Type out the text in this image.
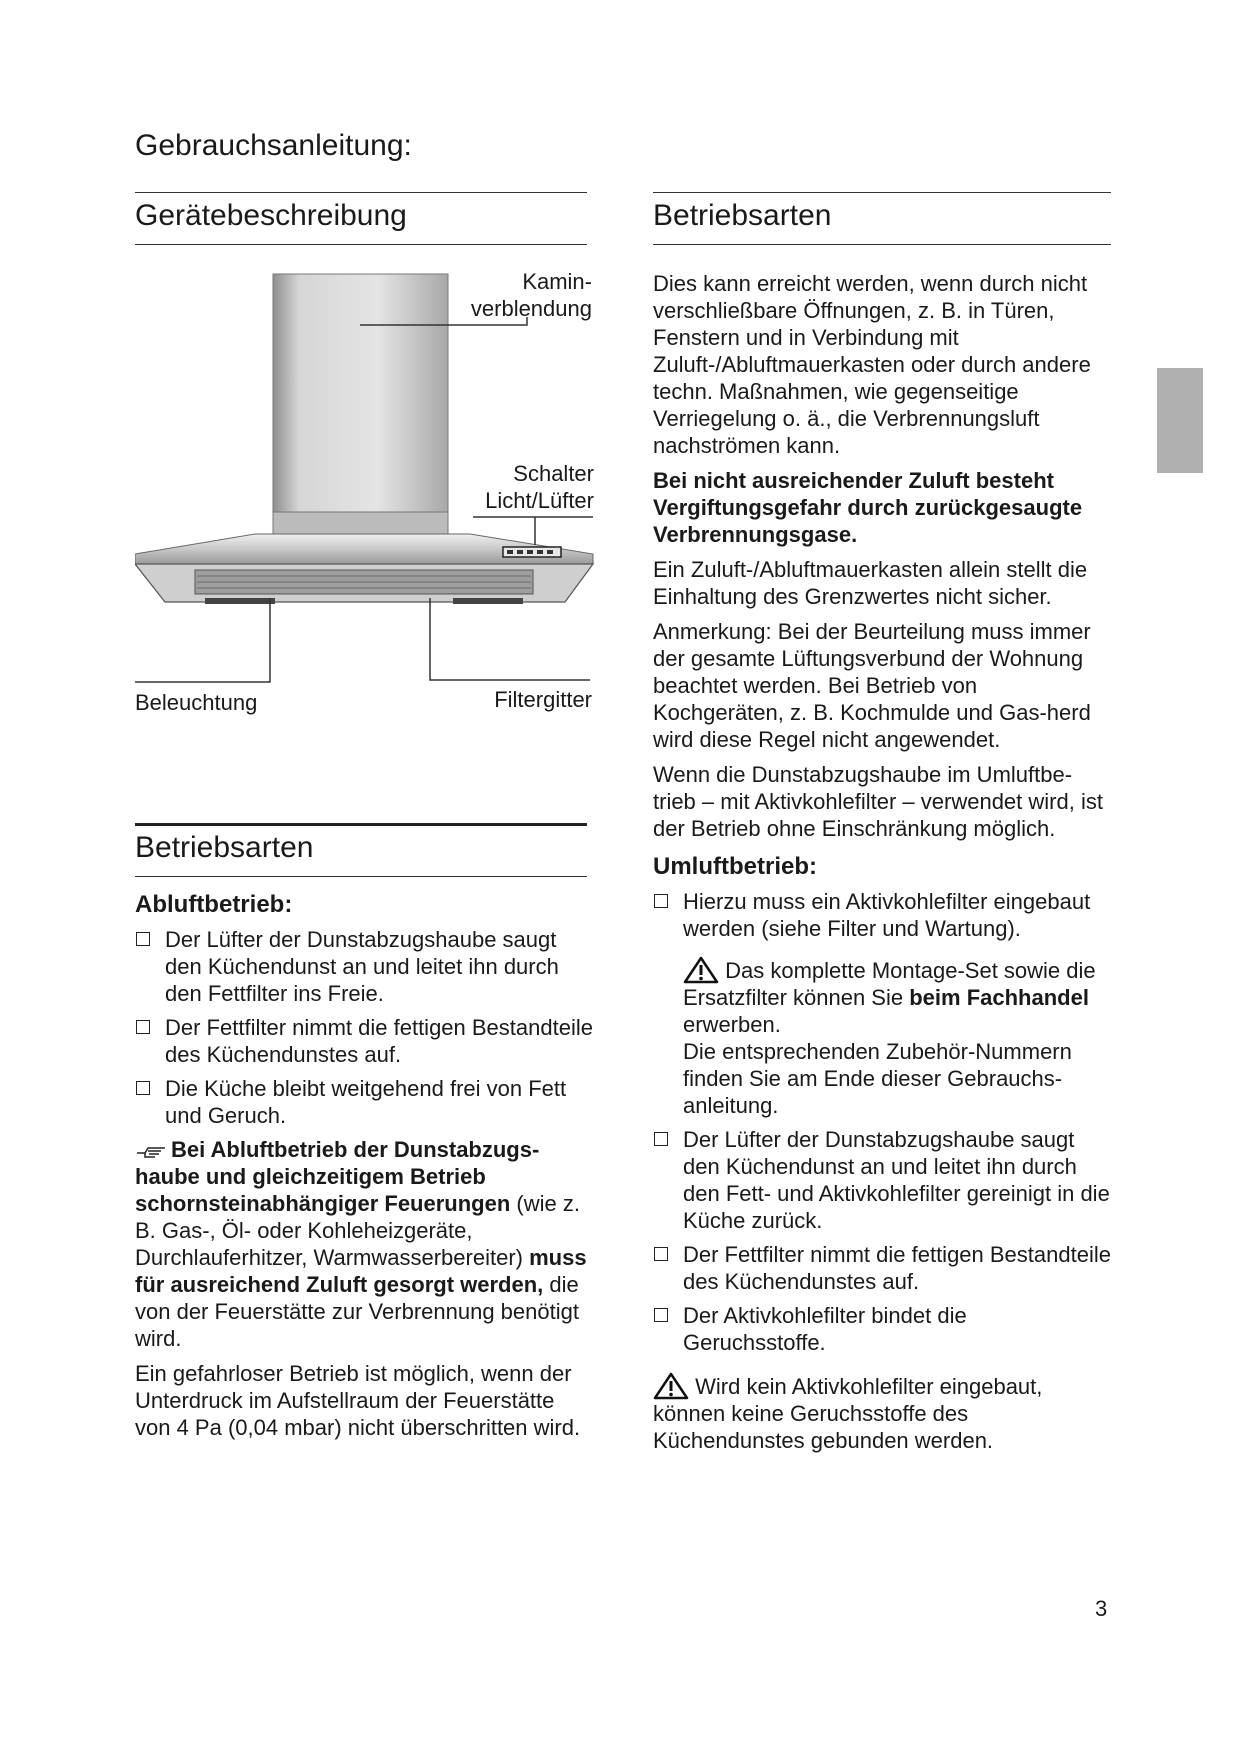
Gebrauchsanleitung:
Gerätebeschreibung
Kamin-
verblendung
Schalter
Licht/Lüfter
Beleuchtung	Filtergitter
Betriebsarten
Abluftbetrieb:
Der Lüfter der Dunstabzugshaube saugt den Küchendunst an und leitet ihn durch den Fettfilter ins Freie.
Der Fettfilter nimmt die fettigen Bestandteile des Küchendunstes auf.
Die Küche bleibt weitgehend frei von Fett und Geruch.

Bei Abluftbetrieb der Dunstabzugs-haube und gleichzeitigem Betrieb schornsteinabhängiger Feuerungen (wie z. B. Gas-, Öl- oder Kohleheizgeräte, Durchlauferhitzer, Warmwasserbereiter) muss für ausreichend Zuluft gesorgt werden, die von der Feuerstätte zur Verbrennung benötigt wird.

Ein gefahrloser Betrieb ist möglich, wenn der Unterdruck im Aufstellraum der Feuerstätte von 4 Pa (0,04 mbar) nicht überschritten wird.

Betriebsarten

Dies kann erreicht werden, wenn durch nicht verschließbare Öffnungen, z. B. in Türen, Fenstern und in Verbindung mit Zuluft-/Abluftmauerkasten oder durch andere techn. Maßnahmen, wie gegenseitige Verriegelung o. ä., die Verbrennungsluft nachströmen kann.

Bei nicht ausreichender Zuluft besteht Vergiftungsgefahr durch zurückgesaugte Verbrennungsgase.

Ein Zuluft-/Abluftmauerkasten allein stellt die Einhaltung des Grenzwertes nicht sicher.

Anmerkung: Bei der Beurteilung muss immer der gesamte Lüftungsverbund der Wohnung beachtet werden. Bei Betrieb von Kochgeräten, z. B. Kochmulde und Gas-herd wird diese Regel nicht angewendet.

Wenn die Dunstabzugshaube im Umluftbe-trieb – mit Aktivkohlefilter – verwendet wird, ist der Betrieb ohne Einschränkung möglich.

Umluftbetrieb:
Hierzu muss ein Aktivkohlefilter eingebaut werden (siehe Filter und Wartung).

Das komplette Montage-Set sowie die Ersatzfilter können Sie beim Fachhandel erwerben.

Die entsprechenden Zubehör-Nummern finden Sie am Ende dieser Gebrauchs-anleitung.

Der Lüfter der Dunstabzugshaube saugt den Küchendunst an und leitet ihn durch den Fett- und Aktivkohlefilter gereinigt in die Küche zurück.
Der Fettfilter nimmt die fettigen Bestandteile des Küchendunstes auf.
Der Aktivkohlefilter bindet die Geruchsstoffe.

Wird kein Aktivkohlefilter eingebaut, können keine Geruchsstoffe des Küchendunstes gebunden werden.

3
